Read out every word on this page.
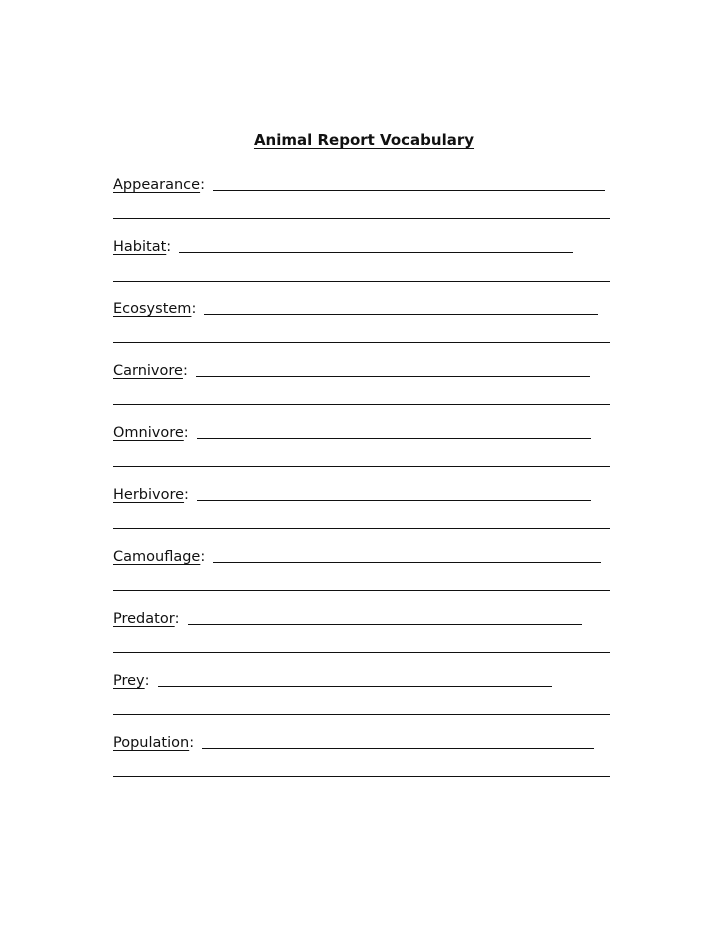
Animal Report Vocabulary
Appearance :
Habitat :
Ecosystem :
Carnivore :
Omnivore :
Herbivore :
Camouflage :
Predator :
Prey :
Population :
